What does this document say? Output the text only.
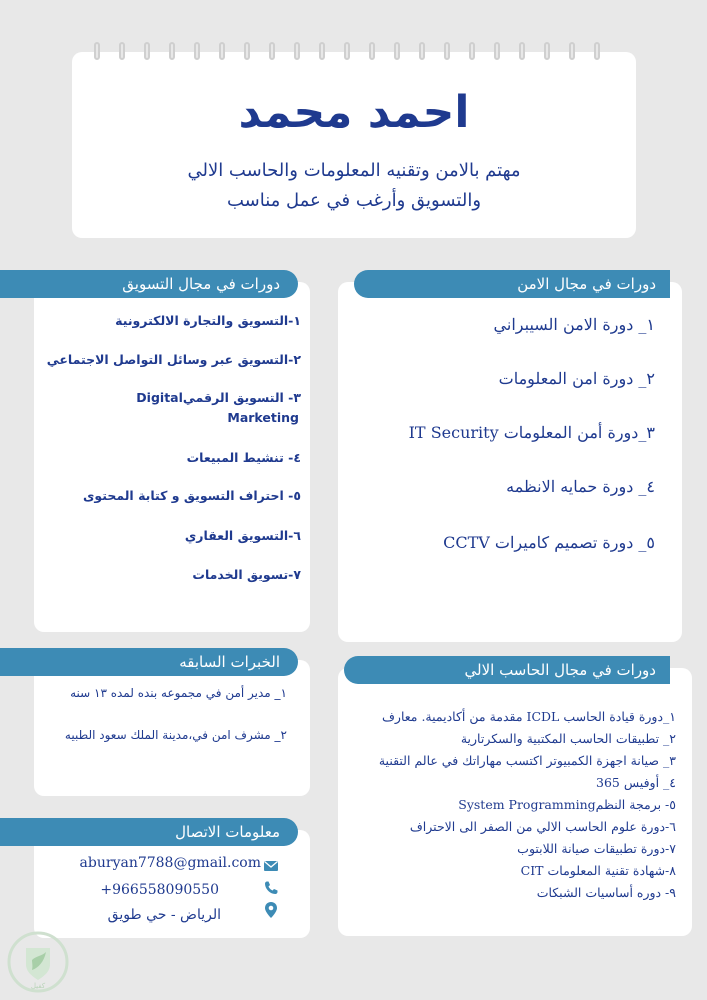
احمد محمد
مهتم بالامن وتقنيه المعلومات والحاسب الالي
والتسويق وأرغب في عمل مناسب
دورات في مجال الامن
١_ دورة الامن السيبراني
٢_ دورة امن المعلومات
٣_دورة أمن المعلومات IT Security
٤_ دورة حمايه الانظمه
٥_ دورة تصميم كاميرات CCTV
دورات في مجال التسويق
١-التسويق والتجارة الالكترونية
٢-التسويق عبر وسائل التواصل الاجتماعي
٣- التسويق الرقميDigital
Marketing
٤- تنشيط المبيعات
٥- احتراف التسويق و كتابة المحتوى
٦-التسويق العقاري
٧-تسويق الخدمات
الخبرات السابقه
١_ مدير أمن في مجموعه بنده لمده ١٣ سنه
٢_ مشرف امن في،مدينة الملك سعود الطبيه
دورات في مجال الحاسب الالي
١_دورة قيادة الحاسب ICDL مقدمة من أكاديمية. معارف
٢_ تطبيقات الحاسب المكتبية والسكرتارية
٣_ صيانة اجهزة الكمبيوتر اكتسب مهاراتك في عالم التقنية
٤_ أوفيس 365
٥- برمجة النظمSystem Programming
٦-دورة علوم الحاسب الالي من الصفر الى الاحتراف
٧-دورة تطبيقات صيانة اللابتوب
٨-شهادة تقنية المعلومات CIT
٩- دوره أساسيات الشبكات
معلومات الاتصال
aburyan7788@gmail.com
+966558090550
الرياض - حي طويق
كفيل
